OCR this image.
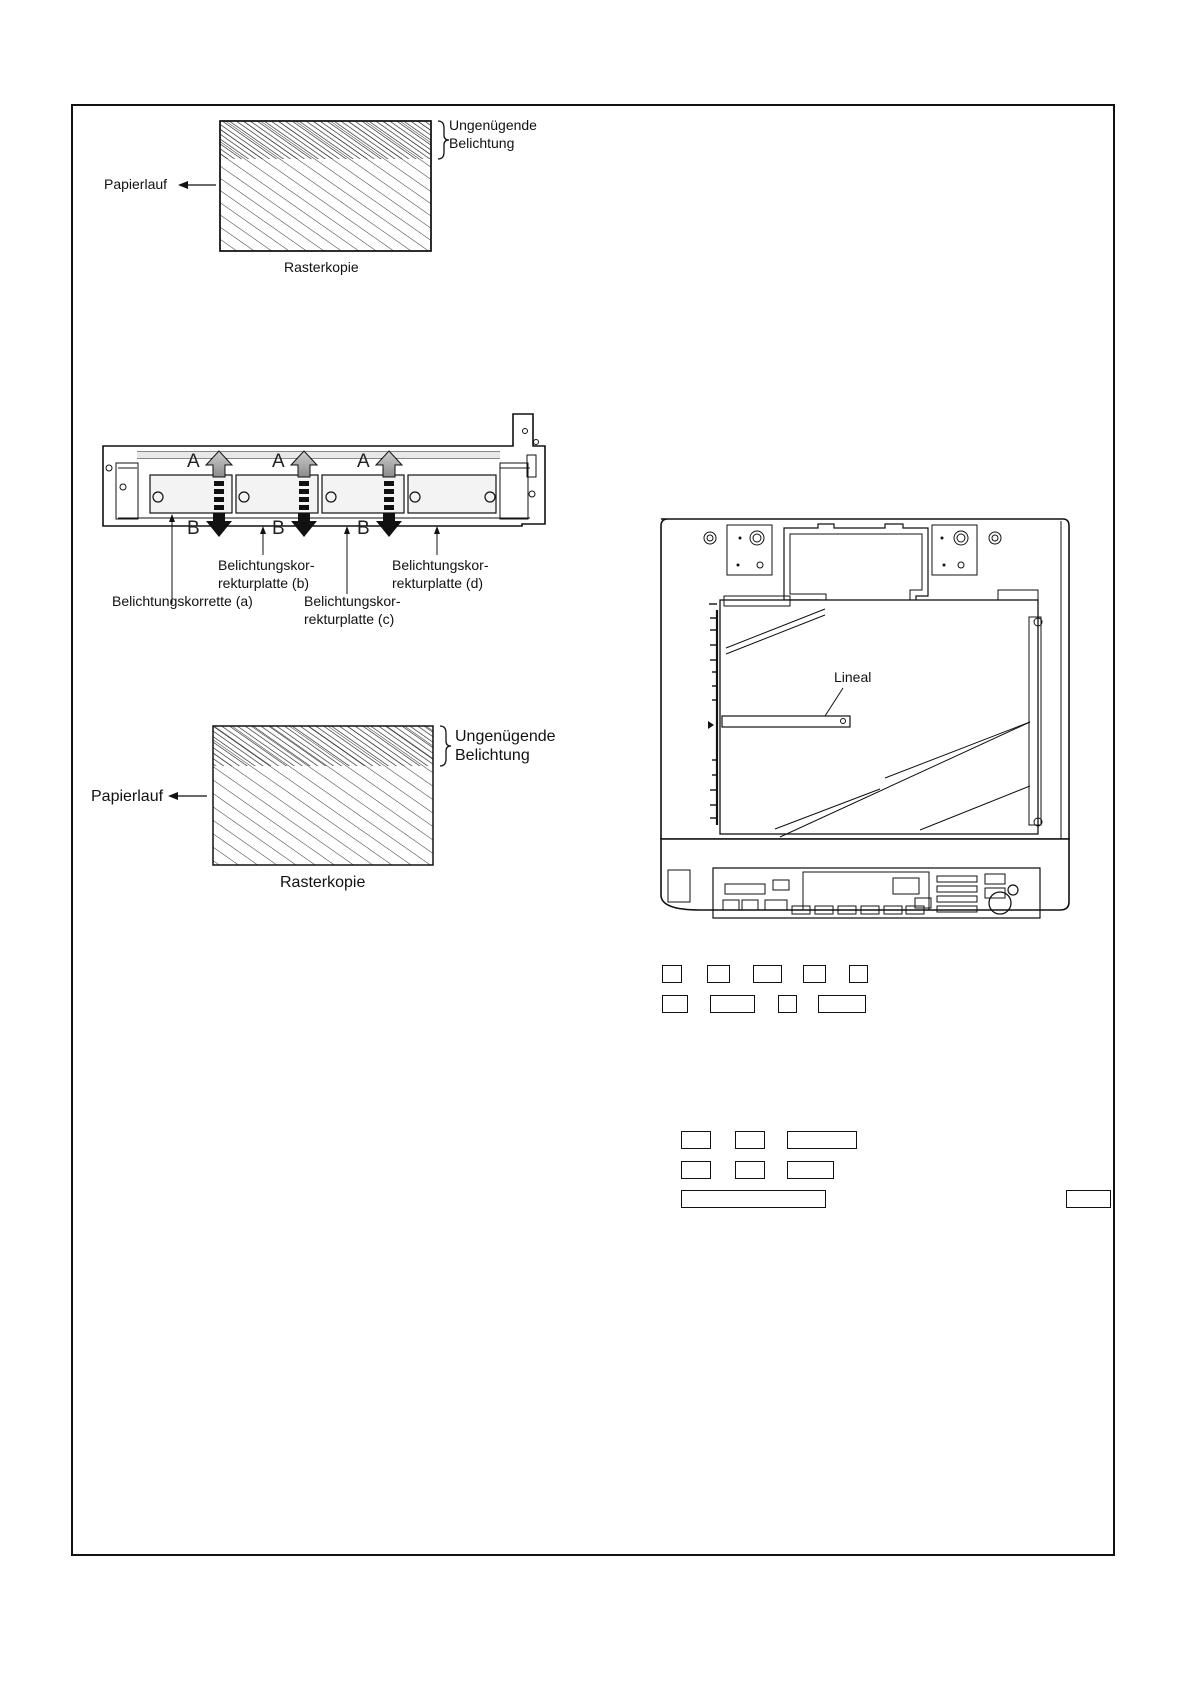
Ungenügende
Belichtung
Papierlauf
Rasterkopie
A	A	A
B	B	B
Belichtungskor-
rekturplatte (b)
Belichtungskor-
rekturplatte (d)
Belichtungskorrette (a)	Belichtungskor-
rekturplatte (c)
Ungenügende
Belichtung
Papierlauf
Rasterkopie
Lineal
